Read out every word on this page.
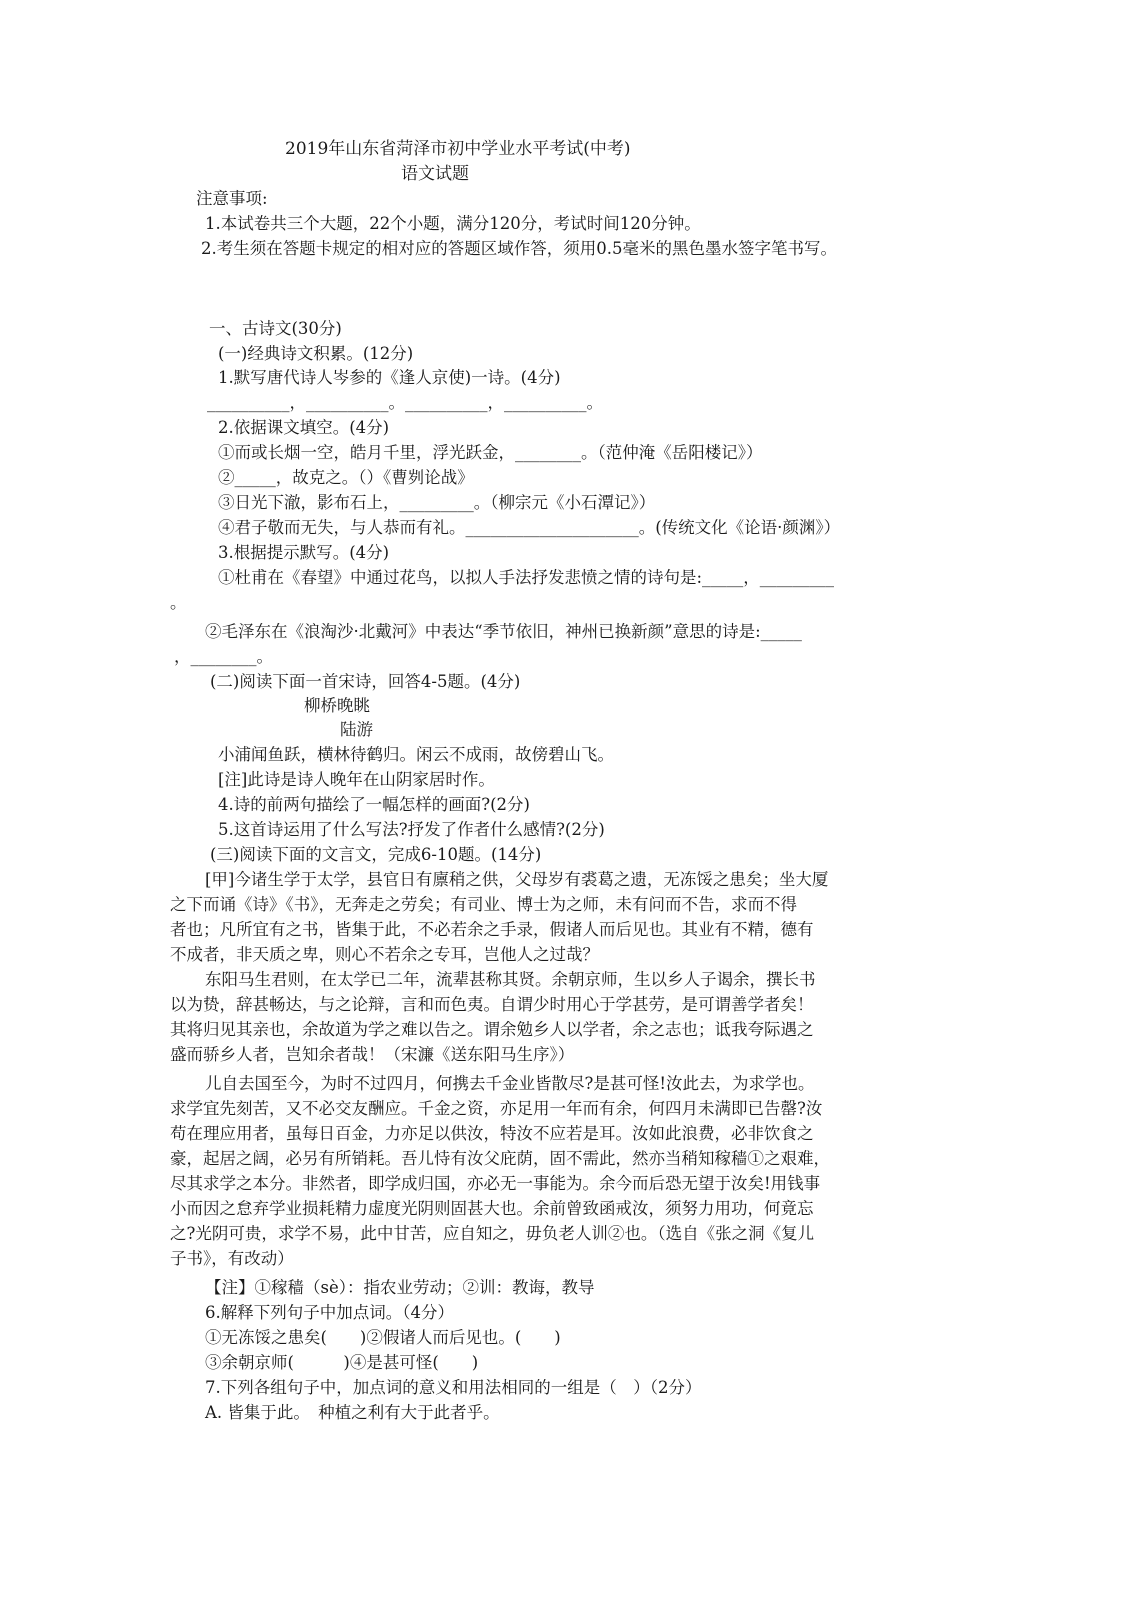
2019年山东省菏泽市初中学业水平考试(中考)
语文试题
注意事项:
1.本试卷共三个大题，22个小题，满分120分，考试时间120分钟。
2.考生须在答题卡规定的相对应的答题区域作答，须用0.5毫米的黑色墨水签字笔书写。
一、古诗文(30分)
(一)经典诗文积累。(12分)
1.默写唐代诗人岑参的《逢人京使)一诗。(4分)
__________，__________。__________，__________。
2.依据课文填空。(4分)
①而或长烟一空，皓月千里，浮光跃金，________。（范仲淹《岳阳楼记》）
②_____，故克之。（）《曹刿论战》
③日光下澈，影布石上，_________。（柳宗元《小石潭记》）
④君子敬而无失，与人恭而有礼。_____________________。(传统文化《论语·颜渊》）
3.根据提示默写。(4分)
①杜甫在《春望》中通过花鸟，以拟人手法抒发悲愤之情的诗句是:_____，_________
。
②毛泽东在《浪淘沙·北戴河》中表达“季节依旧，神州已换新颜”意思的诗是:_____
，________。
(二)阅读下面一首宋诗，回答4-5题。(4分)
柳桥晚眺
陆游
小浦闻鱼跃，横林待鹤归。闲云不成雨，故傍碧山飞。
[注]此诗是诗人晚年在山阴家居时作。
4.诗的前两句描绘了一幅怎样的画面?(2分)
5.这首诗运用了什么写法?抒发了作者什么感情?(2分)
(三)阅读下面的文言文，完成6-10题。(14分)
[甲]今诸生学于太学，县官日有廪稍之供，父母岁有裘葛之遗，无冻馁之患矣；坐大厦
之下而诵《诗》《书》，无奔走之劳矣；有司业、博士为之师，未有问而不告，求而不得
者也；凡所宜有之书，皆集于此，不必若余之手录，假诸人而后见也。其业有不精，德有
不成者，非天质之卑，则心不若余之专耳，岂他人之过哉？
东阳马生君则，在太学已二年，流辈甚称其贤。余朝京师，生以乡人子谒余，撰长书
以为贽，辞甚畅达，与之论辩，言和而色夷。自谓少时用心于学甚劳，是可谓善学者矣！
其将归见其亲也，余故道为学之难以告之。谓余勉乡人以学者，余之志也；诋我夸际遇之
盛而骄乡人者，岂知余者哉！（宋濂《送东阳马生序》）
儿自去国至今，为时不过四月，何携去千金业皆散尽?是甚可怪!汝此去，为求学也。
求学宜先刻苦，又不必交友酬应。千金之资，亦足用一年而有余，何四月未满即已告罄?汝
苟在理应用者，虽每日百金，力亦足以供汝，特汝不应若是耳。汝如此浪费，必非饮食之
豪，起居之阔，必另有所销耗。吾儿恃有汝父庇荫，固不需此，然亦当稍知稼穑①之艰难，
尽其求学之本分。非然者，即学成归国，亦必无一事能为。余今而后恐无望于汝矣!用钱事
小而因之怠弃学业损耗精力虚度光阴则固甚大也。余前曾致函戒汝，须努力用功，何竟忘
之?光阴可贵，求学不易，此中甘苦，应自知之，毋负老人训②也。（选自《张之洞《复儿
子书》，有改动）
【注】①稼穑（sè）：指农业劳动；②训：教诲，教导
6.解释下列句子中加点词。（4分）
①无冻馁之患矣(　　)②假诸人而后见也。(　　)
③余朝京师(　　　)④是甚可怪(　　)
7.下列各组句子中，加点词的意义和用法相同的一组是（　）（2分）
A. 皆集于此。　种植之利有大于此者乎。
